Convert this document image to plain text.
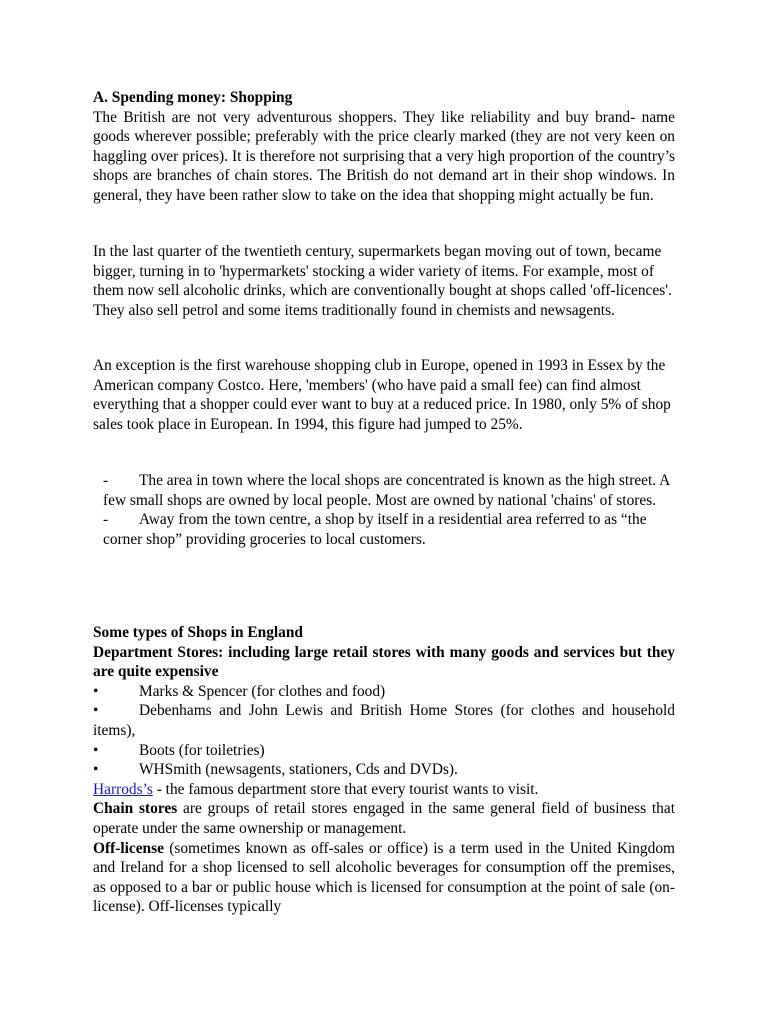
A. Spending money: Shopping

The British are not very adventurous shoppers. They like reliability and buy brand- name goods wherever possible; preferably with the price clearly marked (they are not very keen on haggling over prices). It is therefore not surprising that a very high proportion of the country’s shops are branches of chain stores. The British do not demand art in their shop windows. In general, they have been rather slow to take on the idea that shopping might actually be fun.

In the last quarter of the twentieth century, supermarkets began moving out of town, became bigger, turning in to 'hypermarkets' stocking a wider variety of items. For example, most of them now sell alcoholic drinks, which are conventionally bought at shops called 'off-licences'. They also sell petrol and some items traditionally found in chemists and newsagents.

An exception is the first warehouse shopping club in Europe, opened in 1993 in Essex by the American company Costco. Here, 'members' (who have paid a small fee) can find almost everything that a shopper could ever want to buy at a reduced price. In 1980, only 5% of shop sales took place in European. In 1994, this figure had jumped to 25%.

-	The area in town where the local shops are concentrated is known as the high street. A few small shops are owned by local people. Most are owned by national 'chains' of stores.
-	Away from the town centre, a shop by itself in a residential area referred to as “the corner shop” providing groceries to local customers.

Some types of Shops in England

Department Stores: including large retail stores with many goods and services but they are quite expensive

•	Marks & Spencer (for clothes and food)

•	Debenhams and John Lewis and British Home Stores (for clothes and household items),

•	Boots (for toiletries)

•	WHSmith (newsagents, stationers, Cds and DVDs).

Harrods’s - the famous department store that every tourist wants to visit.

Chain stores are groups of retail stores engaged in the same general field of business that operate under the same ownership or management.

Off-license (sometimes known as off-sales or office) is a term used in the United Kingdom and Ireland for a shop licensed to sell alcoholic beverages for consumption off the premises, as opposed to a bar or public house which is licensed for consumption at the point of sale (on-license). Off-licenses typically
